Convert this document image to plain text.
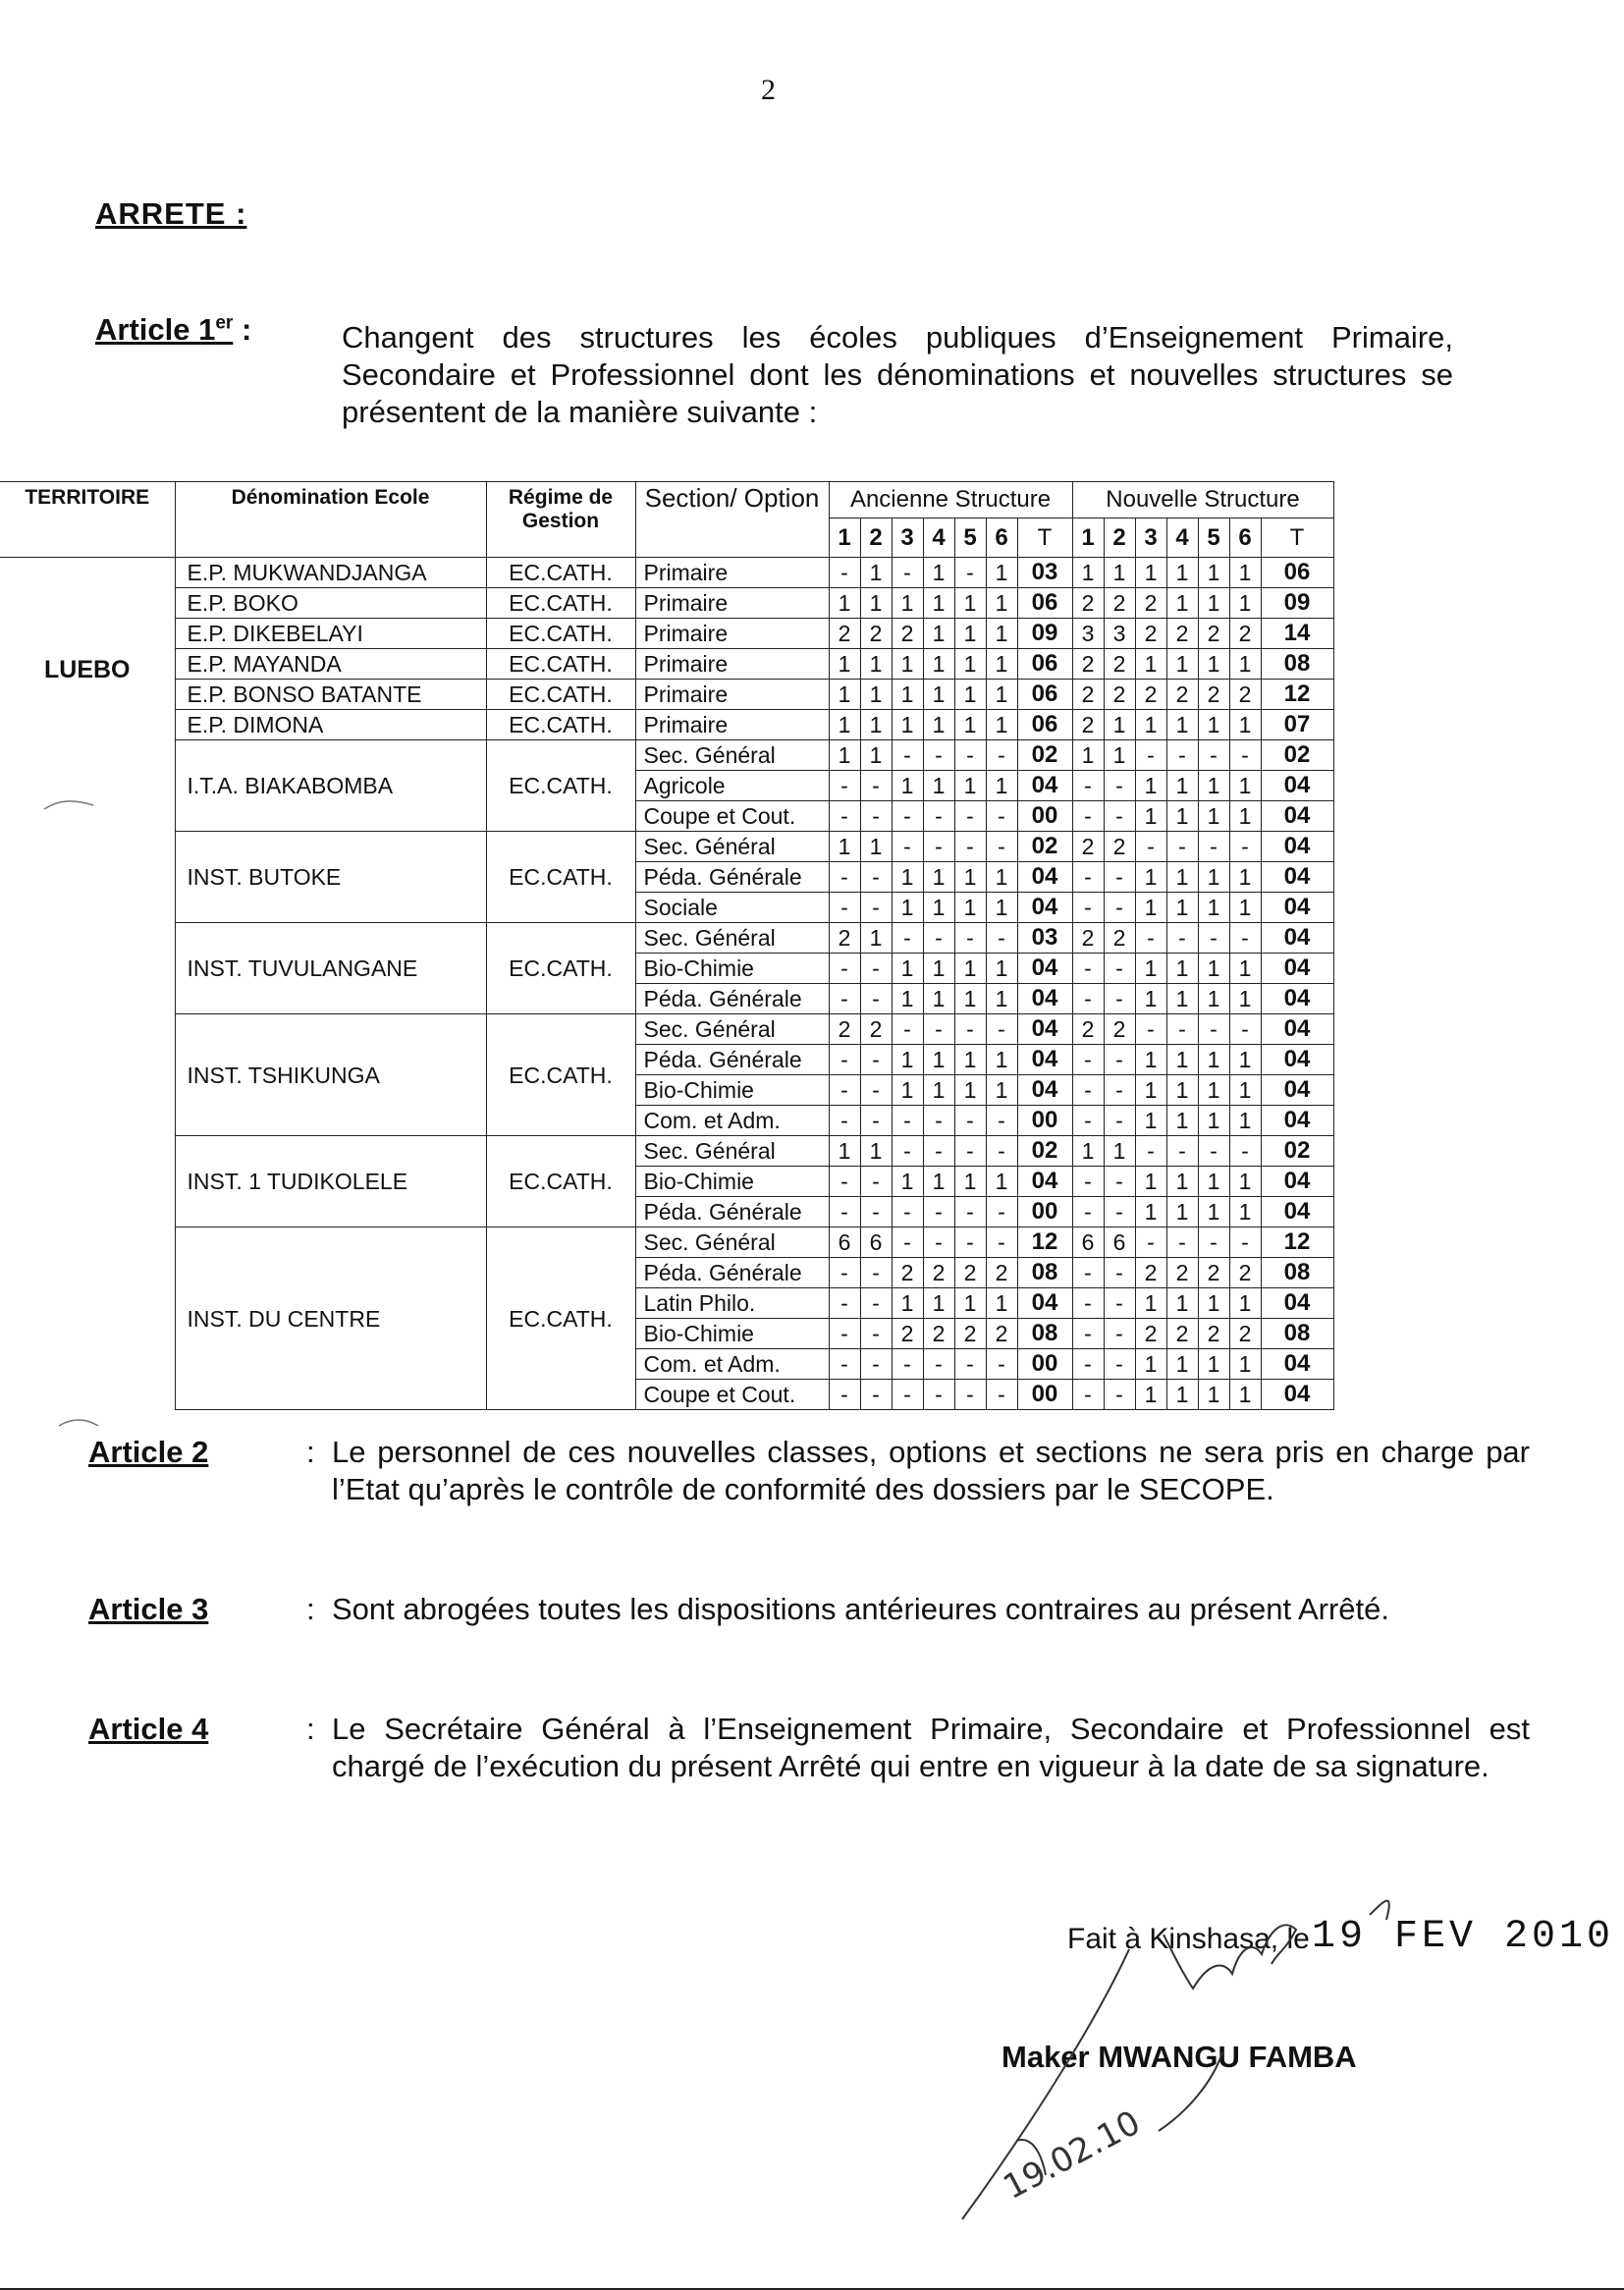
2
ARRETE :
Article 1er :	Changent des structures les écoles publiques d’Enseignement Primaire, Secondaire et Professionnel dont les dénominations et nouvelles structures se présentent de la manière suivante :
TERRITOIRE	Dénomination Ecole	Régime de Gestion	Section/ Option	Ancienne Structure							Nouvelle Structure						
				1	2	3	4	5	6	T	1	2	3	4	5	6	T

LUEBO	E.P. MUKWANDJANGA	EC.CATH.	Primaire	-	1	-	1	-	1	03	1	1	1	1	1	1	06
	E.P. BOKO	EC.CATH.	Primaire	1	1	1	1	1	1	06	2	2	2	1	1	1	09
	E.P. DIKEBELAYI	EC.CATH.	Primaire	2	2	2	1	1	1	09	3	3	2	2	2	2	14
	E.P. MAYANDA	EC.CATH.	Primaire	1	1	1	1	1	1	06	2	2	1	1	1	1	08
	E.P. BONSO BATANTE	EC.CATH.	Primaire	1	1	1	1	1	1	06	2	2	2	2	2	2	12
	E.P. DIMONA	EC.CATH.	Primaire	1	1	1	1	1	1	06	2	1	1	1	1	1	07
	I.T.A. BIAKABOMBA	EC.CATH.	Sec. Général	1	1	-	-	-	-	02	1	1	-	-	-	-	02
			Agricole	-	-	1	1	1	1	04	-	-	1	1	1	1	04
			Coupe et Cout.	-	-	-	-	-	-	00	-	-	1	1	1	1	04
	INST. BUTOKE	EC.CATH.	Sec. Général	1	1	-	-	-	-	02	2	2	-	-	-	-	04
			Péda. Générale	-	-	1	1	1	1	04	-	-	1	1	1	1	04
			Sociale	-	-	1	1	1	1	04	-	-	1	1	1	1	04
	INST. TUVULANGANE	EC.CATH.	Sec. Général	2	1	-	-	-	-	03	2	2	-	-	-	-	04
			Bio-Chimie	-	-	1	1	1	1	04	-	-	1	1	1	1	04
			Péda. Générale	-	-	1	1	1	1	04	-	-	1	1	1	1	04
	INST. TSHIKUNGA	EC.CATH.	Sec. Général	2	2	-	-	-	-	04	2	2	-	-	-	-	04
			Péda. Générale	-	-	1	1	1	1	04	-	-	1	1	1	1	04
			Bio-Chimie	-	-	1	1	1	1	04	-	-	1	1	1	1	04
			Com. et Adm.	-	-	-	-	-	-	00	-	-	1	1	1	1	04
	INST. 1 TUDIKOLELE	EC.CATH.	Sec. Général	1	1	-	-	-	-	02	1	1	-	-	-	-	02
			Bio-Chimie	-	-	1	1	1	1	04	-	-	1	1	1	1	04
			Péda. Générale	-	-	-	-	-	-	00	-	-	1	1	1	1	04
	INST. DU CENTRE	EC.CATH.	Sec. Général	6	6	-	-	-	-	12	6	6	-	-	-	-	12
			Péda. Générale	-	-	2	2	2	2	08	-	-	2	2	2	2	08
			Latin Philo.	-	-	1	1	1	1	04	-	-	1	1	1	1	04
			Bio-Chimie	-	-	2	2	2	2	08	-	-	2	2	2	2	08
			Com. et Adm.	-	-	-	-	-	-	00	-	-	1	1	1	1	04
			Coupe et Cout.	-	-	-	-	-	-	00	-	-	1	1	1	1	04
Article 2	: Le personnel de ces nouvelles classes, options et sections ne sera pris en charge par l’Etat qu’après le contrôle de conformité des dossiers par le SECOPE.
Article 3	: Sont abrogées toutes les dispositions antérieures contraires au présent Arrêté.
Article 4	: Le Secrétaire Général à l’Enseignement Primaire, Secondaire et Professionnel est chargé de l’exécution du présent Arrêté qui entre en vigueur à la date de sa signature.
Fait à Kinshasa, le 19 FEV 2010
Maker MWANGU FAMBA
19.02.10
